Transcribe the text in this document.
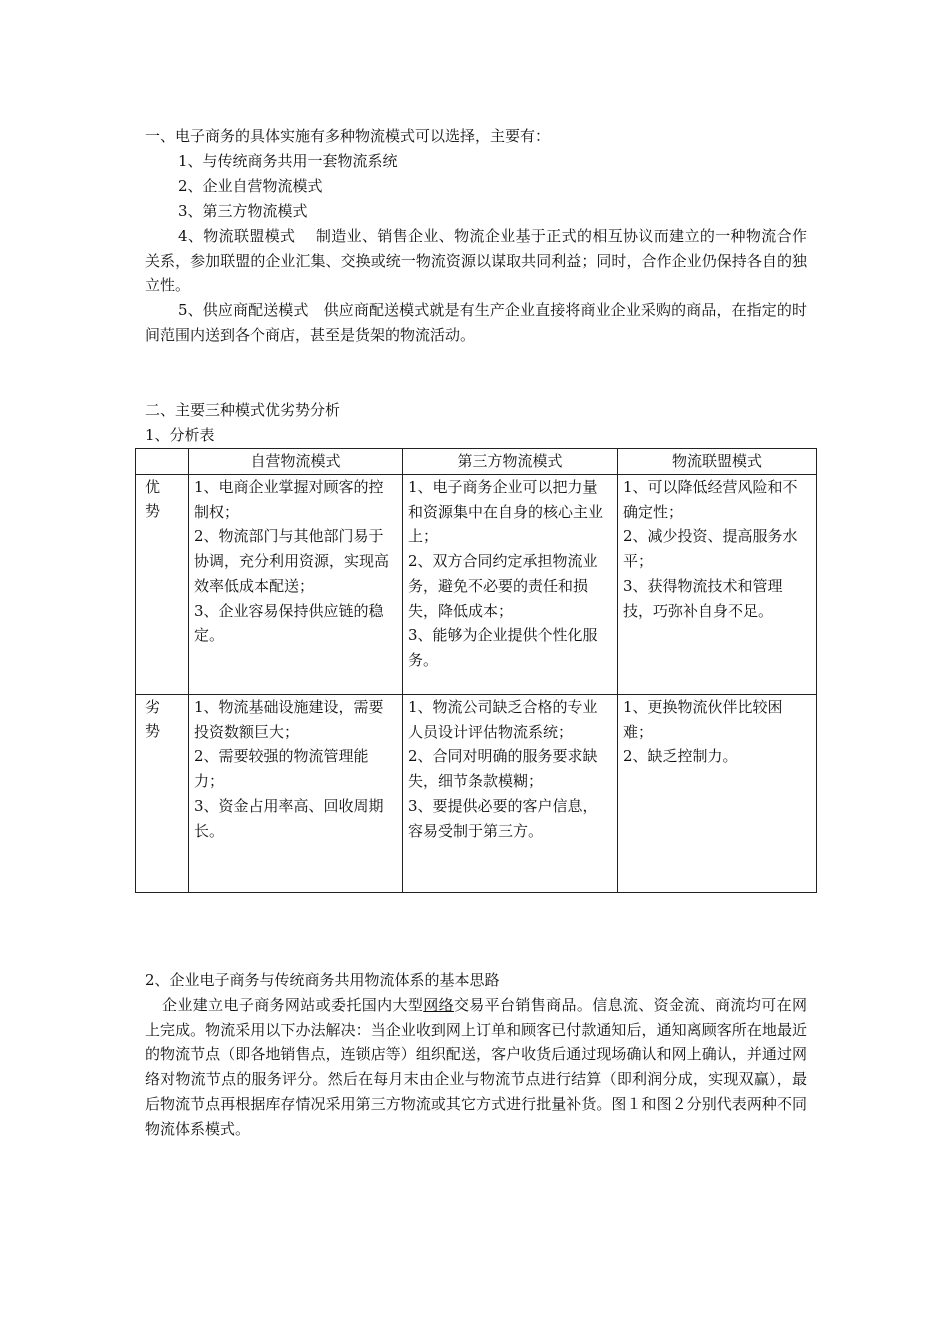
一、电子商务的具体实施有多种物流模式可以选择，主要有：

1、与传统商务共用一套物流系统

2、企业自营物流模式

3、第三方物流模式

4、物流联盟模式　 制造业、销售企业、物流企业基于正式的相互协议而建立的一种物流合作关系，参加联盟的企业汇集、交换或统一物流资源以谋取共同利益；同时，合作企业仍保持各自的独立性。

5、供应商配送模式　供应商配送模式就是有生产企业直接将商业企业采购的商品，在指定的时间范围内送到各个商店，甚至是货架的物流活动。

二、主要三种模式优劣势分析

1、分析表

	自营物流模式	第三方物流模式	物流联盟模式

优
势	1、电商企业掌握对顾客的控制权；
2、物流部门与其他部门易于协调，充分利用资源，实现高效率低成本配送；
3、企业容易保持供应链的稳定。	1、电子商务企业可以把力量和资源集中在自身的核心主业上；
2、双方合同约定承担物流业务，避免不必要的责任和损失，降低成本；
3、能够为企业提供个性化服务。	1、可以降低经营风险和不确定性；
2、减少投资、提高服务水平；
3、获得物流技术和管理技，巧弥补自身不足。

劣
势	1、物流基础设施建设，需要投资数额巨大；
2、需要较强的物流管理能力；
3、资金占用率高、回收周期长。	1、物流公司缺乏合格的专业人员设计评估物流系统；
2、合同对明确的服务要求缺失，细节条款模糊；
3、要提供必要的客户信息，容易受制于第三方。	1、更换物流伙伴比较困难；
2、缺乏控制力。

2、企业电子商务与传统商务共用物流体系的基本思路

企业建立电子商务网站或委托国内大型网络交易平台销售商品。信息流、资金流、商流均可在网上完成。物流采用以下办法解决：当企业收到网上订单和顾客已付款通知后，通知离顾客所在地最近的物流节点（即各地销售点，连锁店等）组织配送，客户收货后通过现场确认和网上确认，并通过网络对物流节点的服务评分。然后在每月末由企业与物流节点进行结算（即利润分成，实现双赢），最后物流节点再根据库存情况采用第三方物流或其它方式进行批量补货。图１和图２分别代表两种不同物流体系模式。
